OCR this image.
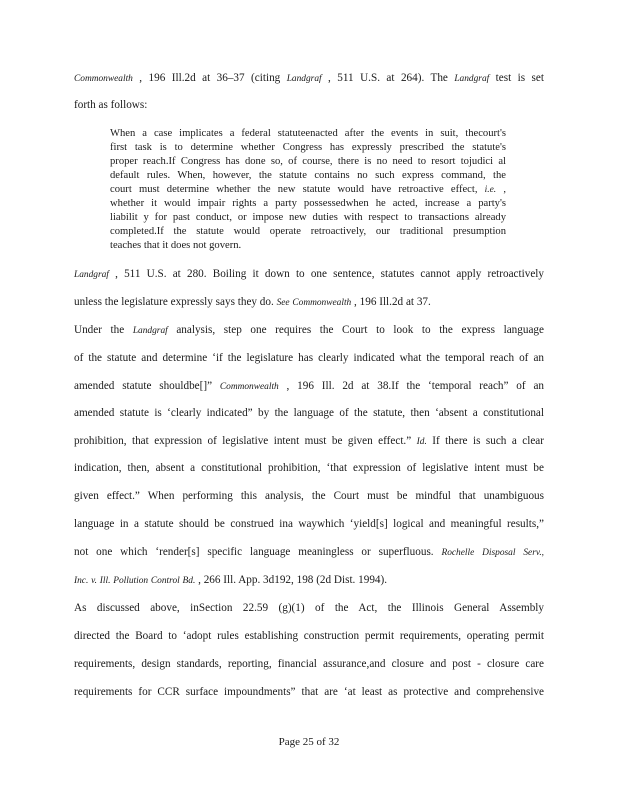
Commonwealth , 196 Ill.2d at 36–37 (citing Landgraf , 511 U.S. at 264). The Landgraf test is set
forth as follows:
When a case implicates a federal statuteenacted after the events in suit, thecourt's
first task is to determine whether Congress has expressly prescribed the statute's
proper reach.If Congress has done so, of course, there is no need to resort tojudici al
default rules. When, however, the statute contains no such express command, the
court must determine whether the new statute would have retroactive effect, i.e. ,
whether it would impair rights a party possessedwhen he acted, increase a party's
liabilit y for past conduct, or impose new duties with respect to transactions already
completed.If the statute would operate retroactively, our traditional presumption
teaches that it does not govern.
Landgraf , 511 U.S. at 280. Boiling it down to one sentence, statutes cannot apply retroactively
unless the legislature expressly says they do. See Commonwealth , 196 Ill.2d at 37.
Under the Landgraf analysis, step one requires the Court to look to the express language
of the statute and determine ‘if the legislature has clearly indicated what the temporal reach of an
amended statute shouldbe[]” Commonwealth , 196 Ill. 2d at 38.If the ‘temporal reach” of an
amended statute is ‘clearly indicated” by the language of the statute, then ‘absent a constitutional
prohibition, that expression of legislative intent must be given effect.” Id. If there is such a clear
indication, then, absent a constitutional prohibition, ‘that expression of legislative intent must be
given effect.” When performing this analysis, the Court must be mindful that unambiguous
language in a statute should be construed ina waywhich ‘yield[s] logical and meaningful results,”
not one which ‘render[s] specific language meaningless or superfluous. Rochelle Disposal Serv.,
Inc. v. Ill. Pollution Control Bd. , 266 Ill. App. 3d192, 198 (2d Dist. 1994).
As discussed above, inSection 22.59 (g)(1) of the Act, the Illinois General Assembly
directed the Board to ‘adopt rules establishing construction permit requirements, operating permit
requirements, design standards, reporting, financial assurance,and closure and post - closure care
requirements for CCR surface impoundments” that are ‘at least as protective and comprehensive
Page 25 of 32
